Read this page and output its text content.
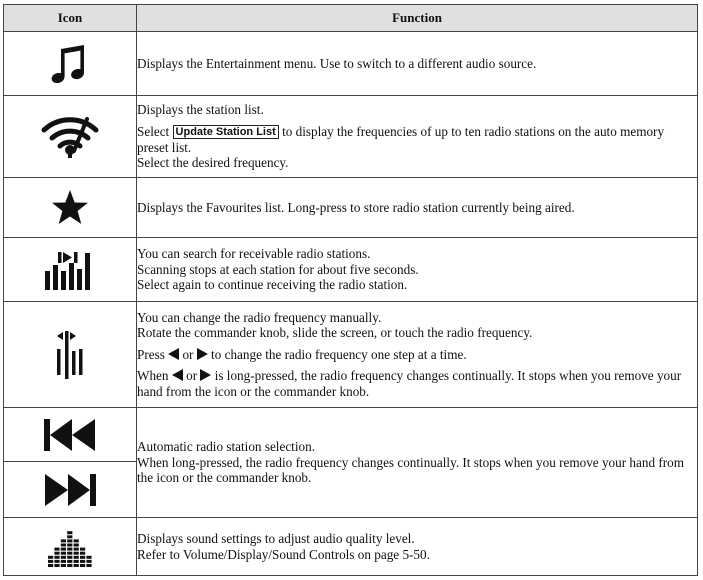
Icon	Function

Displays the Entertainment menu. Use to switch to a different audio source.

Displays the station list.
Select Update Station List to display the frequencies of up to ten radio stations on the auto memory preset list.
Select the desired frequency.

Displays the Favourites list. Long-press to store radio station currently being aired.

You can search for receivable radio stations.
Scanning stops at each station for about five seconds.
Select again to continue receiving the radio station.

You can change the radio frequency manually.
Rotate the commander knob, slide the screen, or touch the radio frequency.
Press or to change the radio frequency one step at a time.
When or is long-pressed, the radio frequency changes continually. It stops when you remove your hand from the icon or the commander knob.

Automatic radio station selection.
When long-pressed, the radio frequency changes continually. It stops when you remove your hand from the icon or the commander knob.

Displays sound settings to adjust audio quality level.
Refer to Volume/Display/Sound Controls on page 5-50.
